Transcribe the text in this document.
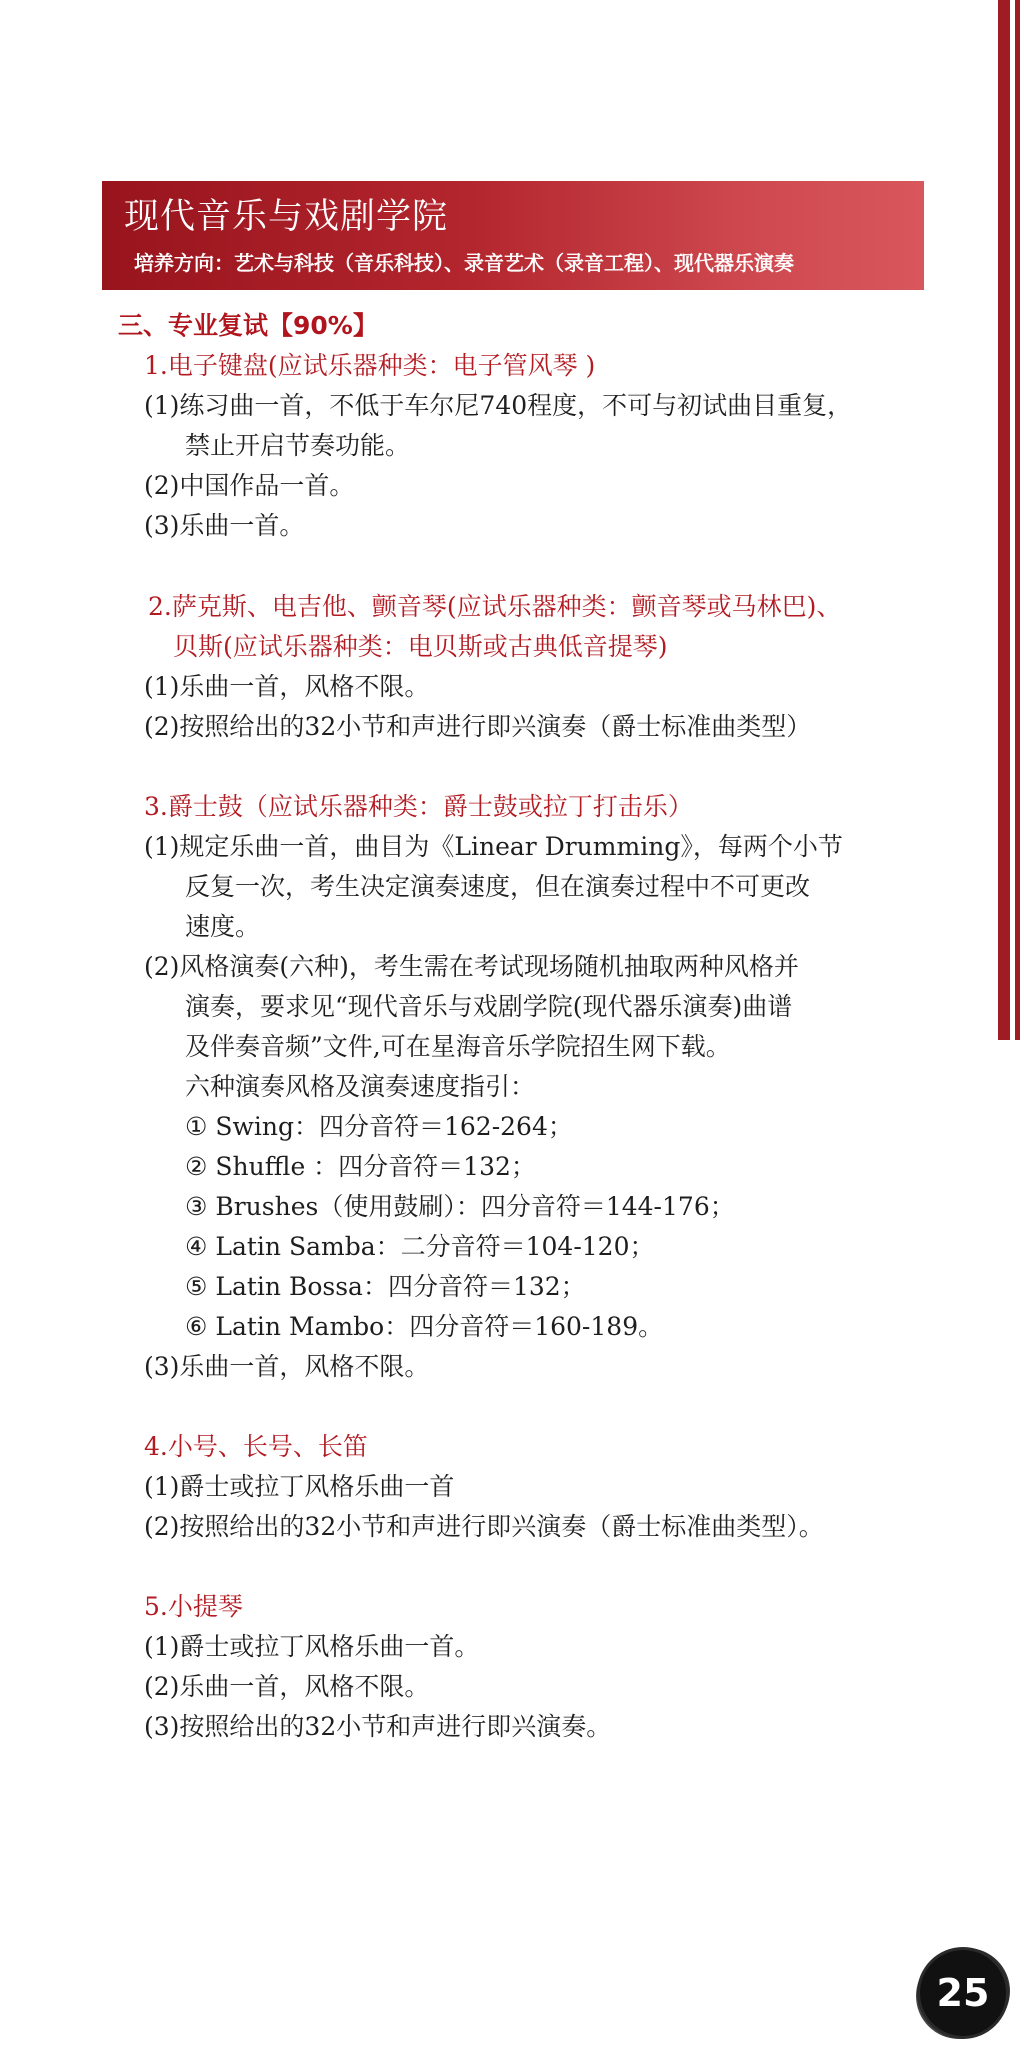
现代音乐与戏剧学院
培养方向：艺术与科技（音乐科技）、录音艺术（录音工程）、现代器乐演奏
三、专业复试【90%】
1.电子键盘(应试乐器种类：电子管风琴 )
(1)练习曲一首，不低于车尔尼740程度，不可与初试曲目重复，
禁止开启节奏功能。
(2)中国作品一首。
(3)乐曲一首。
2.萨克斯、电吉他、颤音琴(应试乐器种类：颤音琴或马林巴)、
贝斯(应试乐器种类：电贝斯或古典低音提琴)
(1)乐曲一首，风格不限。
(2)按照给出的32小节和声进行即兴演奏（爵士标准曲类型）
3.爵士鼓（应试乐器种类：爵士鼓或拉丁打击乐）
(1)规定乐曲一首，曲目为《Linear Drumming》，每两个小节
反复一次，考生决定演奏速度，但在演奏过程中不可更改
速度。
(2)风格演奏(六种)，考生需在考试现场随机抽取两种风格并
演奏，要求见“现代音乐与戏剧学院(现代器乐演奏)曲谱
及伴奏音频”文件,可在星海音乐学院招生网下载。
六种演奏风格及演奏速度指引：
① Swing：四分音符＝162-264；
② Shuffle ：四分音符＝132；
③ Brushes（使用鼓刷）：四分音符＝144-176；
④ Latin Samba：二分音符＝104-120；
⑤ Latin Bossa：四分音符＝132；
⑥ Latin Mambo：四分音符＝160-189。
(3)乐曲一首，风格不限。
4.小号、长号、长笛
(1)爵士或拉丁风格乐曲一首
(2)按照给出的32小节和声进行即兴演奏（爵士标准曲类型）。
5.小提琴
(1)爵士或拉丁风格乐曲一首。
(2)乐曲一首，风格不限。
(3)按照给出的32小节和声进行即兴演奏。
25
